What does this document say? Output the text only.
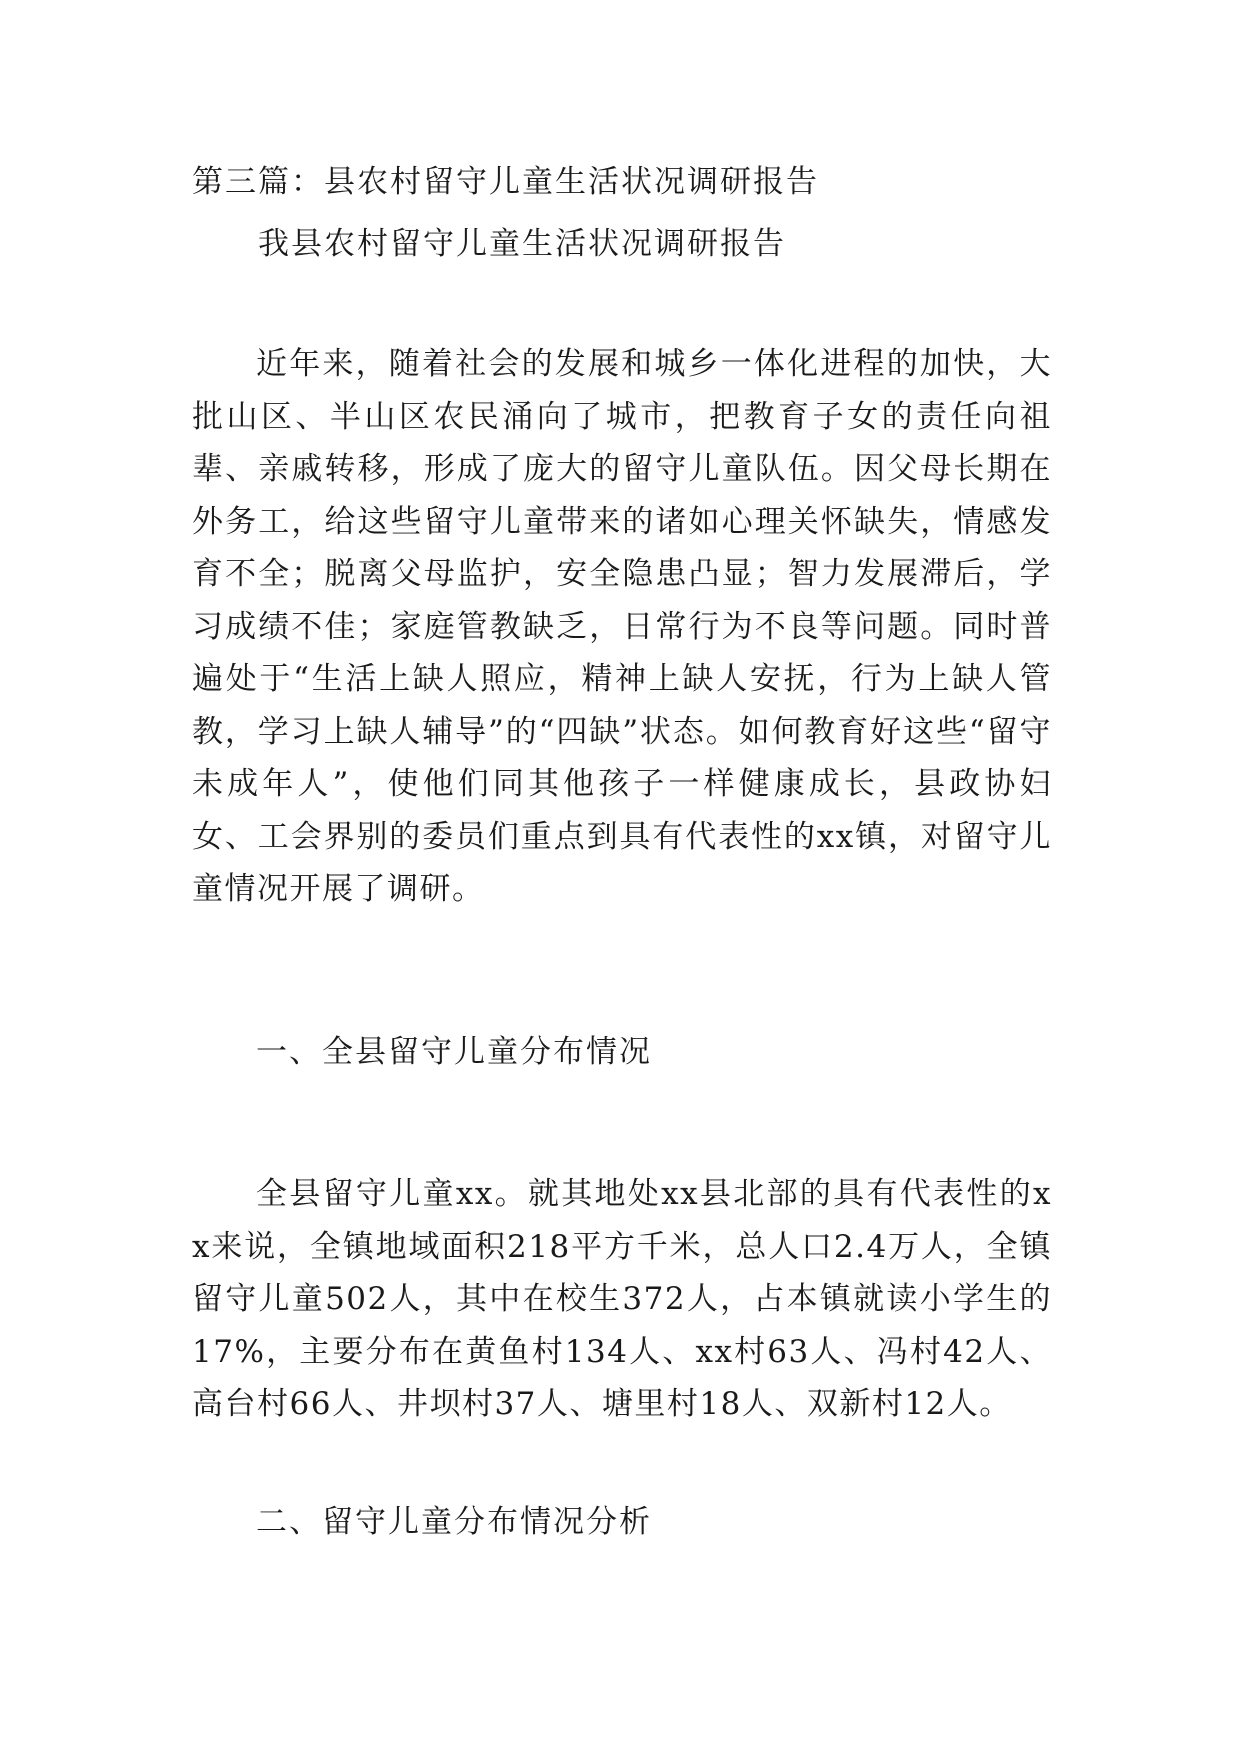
第三篇：县农村留守儿童生活状况调研报告
我县农村留守儿童生活状况调研报告
近年来，随着社会的发展和城乡一体化进程的加快，大批山区、半山区农民涌向了城市，把教育子女的责任向祖辈、亲戚转移，形成了庞大的留守儿童队伍。因父母长期在外务工，给这些留守儿童带来的诸如心理关怀缺失，情感发育不全；脱离父母监护，安全隐患凸显；智力发展滞后，学习成绩不佳；家庭管教缺乏，日常行为不良等问题。同时普遍处于“生活上缺人照应，精神上缺人安抚，行为上缺人管教，学习上缺人辅导”的“四缺”状态。如何教育好这些“留守未成年人”，使他们同其他孩子一样健康成长，县政协妇女、工会界别的委员们重点到具有代表性的xx镇，对留守儿童情况开展了调研。
一、全县留守儿童分布情况
全县留守儿童xx。就其地处xx县北部的具有代表性的xx来说，全镇地域面积218平方千米，总人口2.4万人，全镇留守儿童502人，其中在校生372人，占本镇就读小学生的17%，主要分布在黄鱼村134人、xx村63人、冯村42人、高台村66人、井坝村37人、塘里村18人、双新村12人。
二、留守儿童分布情况分析
